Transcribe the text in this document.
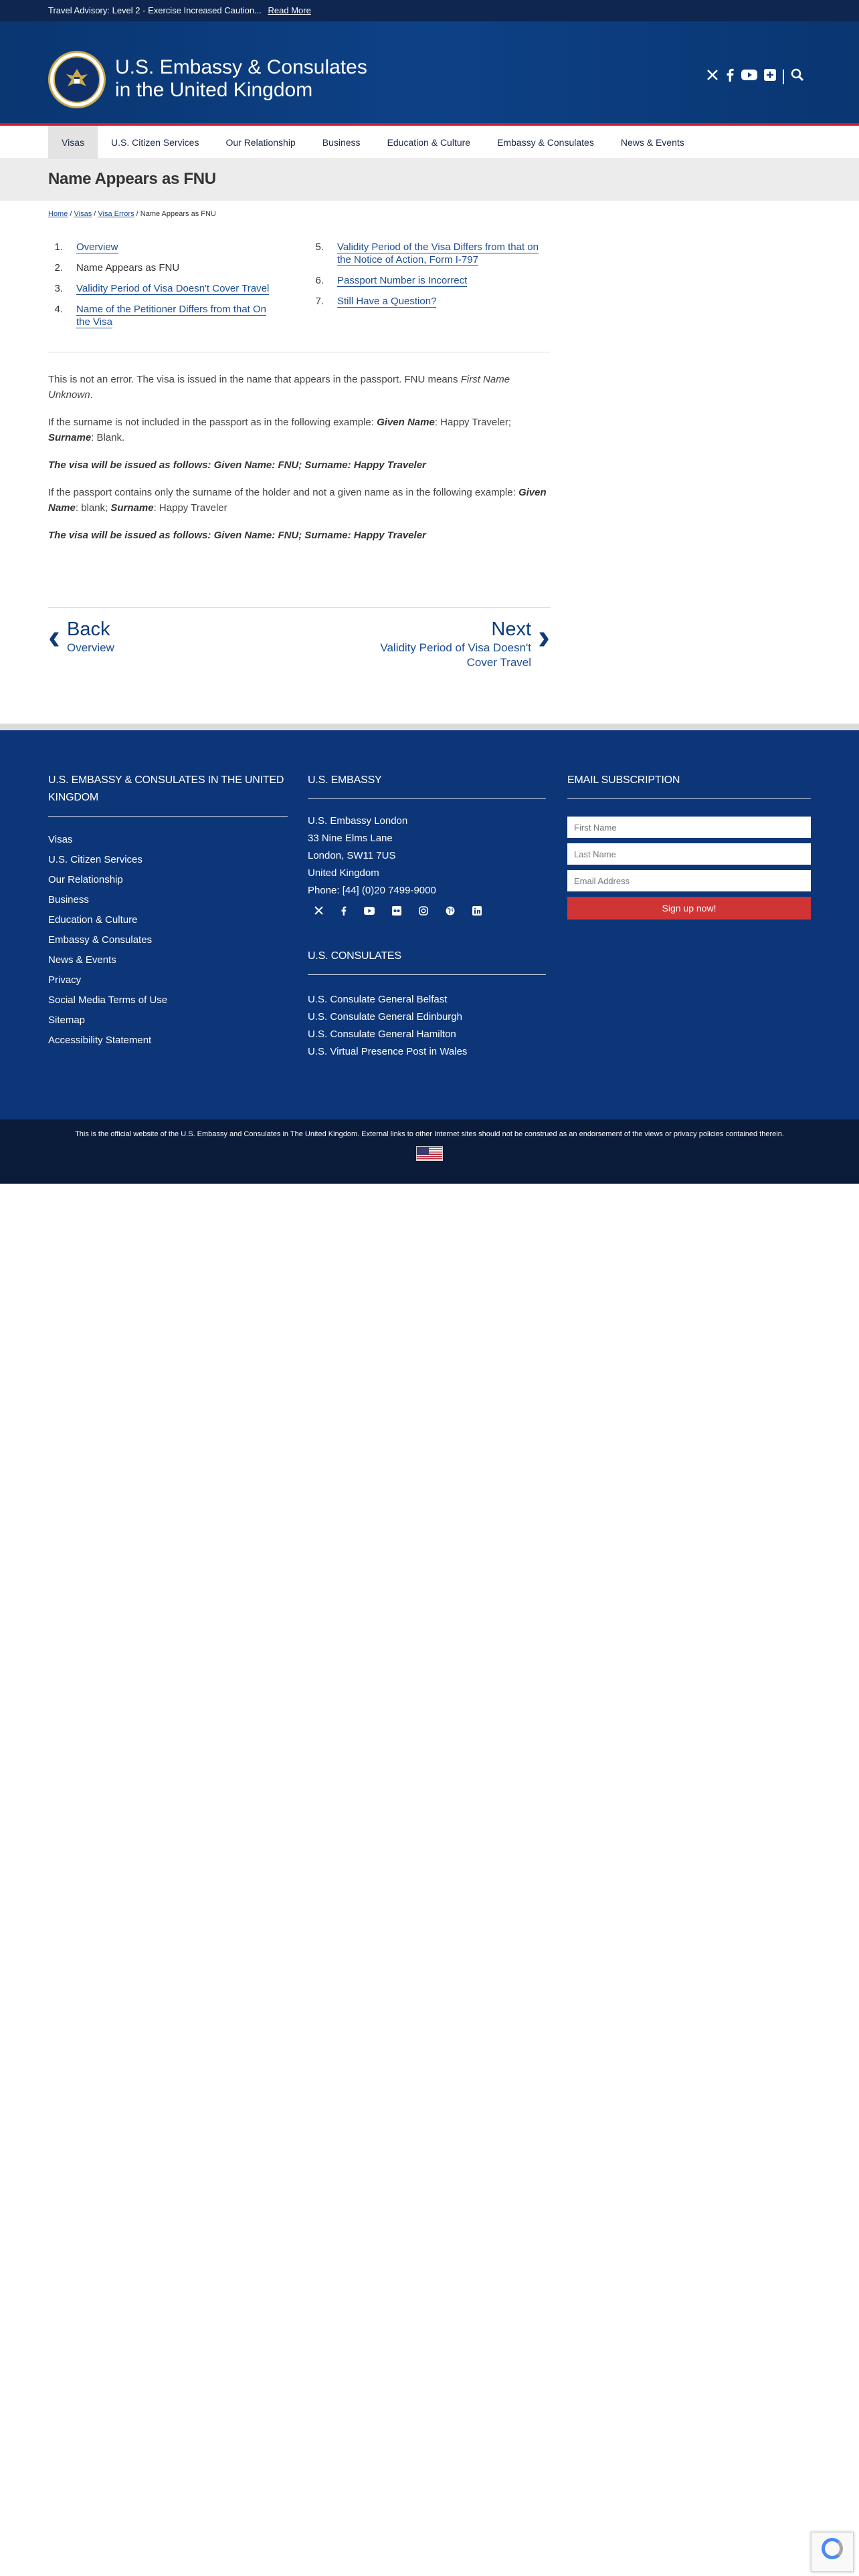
Travel Advisory: Level 2 - Exercise Increased Caution... Read More
U.S. Embassy & Consulates
in the United Kingdom
Visas	U.S. Citizen Services	Our Relationship	Business	Education & Culture	Embassy & Consulates	News & Events
Name Appears as FNU
Home / Visas / Visa Errors / Name Appears as FNU
1. Overview
2. Name Appears as FNU
3. Validity Period of Visa Doesn't Cover Travel
4. Name of the Petitioner Differs from that On the Visa
5. Validity Period of the Visa Differs from that on the Notice of Action, Form I-797
6. Passport Number is Incorrect
7. Still Have a Question?

This is not an error. The visa is issued in the name that appears in the passport. FNU means First Name Unknown.

If the surname is not included in the passport as in the following example: Given Name: Happy Traveler; Surname: Blank.

The visa will be issued as follows: Given Name: FNU; Surname: Happy Traveler

If the passport contains only the surname of the holder and not a given name as in the following example: Given Name: blank; Surname: Happy Traveler

The visa will be issued as follows: Given Name: FNU; Surname: Happy Traveler

‹ Back
Overview
Next
Validity Period of Visa Doesn't
Cover Travel
›
U.S. EMBASSY & CONSULATES IN THE UNITED KINGDOM
Visas
U.S. Citizen Services
Our Relationship
Business
Education & Culture
Embassy & Consulates
News & Events
Privacy
Social Media Terms of Use
Sitemap
Accessibility Statement
U.S. EMBASSY
U.S. Embassy London
33 Nine Elms Lane
London, SW11 7US
United Kingdom
Phone: [44] (0)20 7499-9000
U.S. CONSULATES
U.S. Consulate General Belfast
U.S. Consulate General Edinburgh
U.S. Consulate General Hamilton
U.S. Virtual Presence Post in Wales
EMAIL SUBSCRIPTION
First Name
Last Name
Email Address
Sign up now!
This is the official website of the U.S. Embassy and Consulates in The United Kingdom. External links to other Internet sites should not be construed as an endorsement of the views or privacy policies contained therein.
